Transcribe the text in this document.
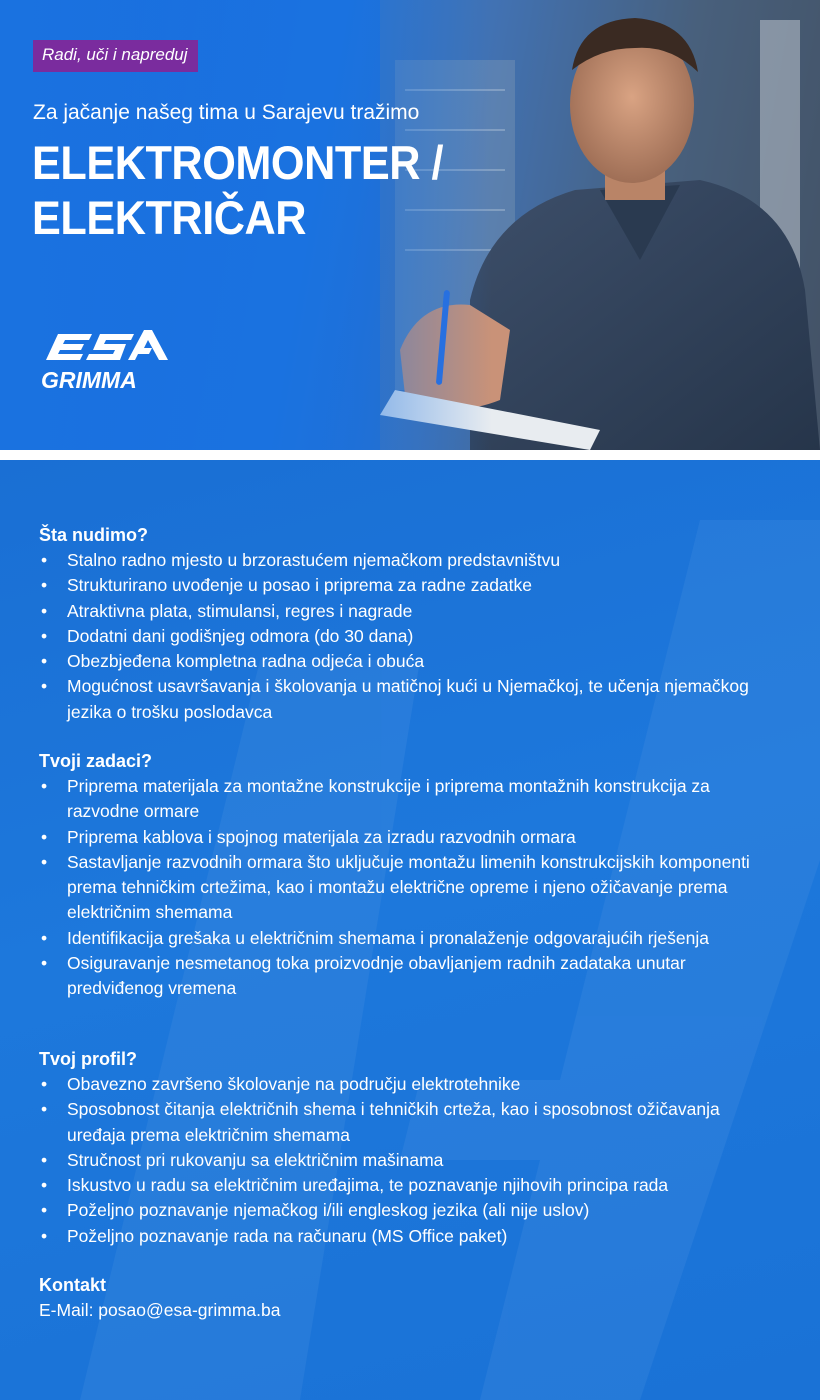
Radi, uči i napreduj
Za jačanje našeg tima u Sarajevu tražimo
ELEKTROMONTER /
ELEKTRIČAR
GRIMMA
Šta nudimo?
• Stalno radno mjesto u brzorastućem njemačkom predstavništvu
• Strukturirano uvođenje u posao i priprema za radne zadatke
• Atraktivna plata, stimulansi, regres i nagrade
• Dodatni dani godišnjeg odmora (do 30 dana)
• Obezbjeđena kompletna radna odjeća i obuća
• Mogućnost usavršavanja i školovanja u matičnoj kući u Njemačkoj, te učenja njemačkog jezika o trošku poslodavca
Tvoji zadaci?
• Priprema materijala za montažne konstrukcije i priprema montažnih konstrukcija za razvodne ormare
• Priprema kablova i spojnog materijala za izradu razvodnih ormara
• Sastavljanje razvodnih ormara što uključuje montažu limenih konstrukcijskih komponenti prema tehničkim crtežima, kao i montažu električne opreme i njeno ožičavanje prema električnim shemama
• Identifikacija grešaka u električnim shemama i pronalaženje odgovarajućih rješenja
• Osiguravanje nesmetanog toka proizvodnje obavljanjem radnih zadataka unutar predviđenog vremena
Tvoj profil?
• Obavezno završeno školovanje na području elektrotehnike
• Sposobnost čitanja električnih shema i tehničkih crteža, kao i sposobnost ožičavanja uređaja prema električnim shemama
• Stručnost pri rukovanju sa električnim mašinama
• Iskustvo u radu sa električnim uređajima, te poznavanje njihovih principa rada
• Poželjno poznavanje njemačkog i/ili engleskog jezika (ali nije uslov)
• Poželjno poznavanje rada na računaru (MS Office paket)
Kontakt
E-Mail: posao@esa-grimma.ba
